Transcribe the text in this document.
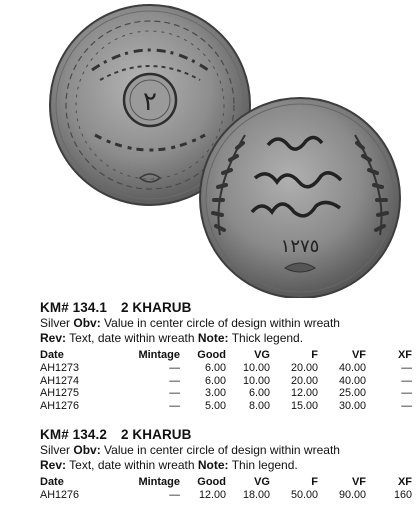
٢
١٢٧٥
KM# 134.1 2 KHARUB
Silver Obv: Value in center circle of design within wreath
Rev: Text, date within wreath Note: Thick legend.
Date	Mintage	Good	VG	F	VF	XF
AH1273	—	6.00	10.00	20.00	40.00	—
AH1274	—	6.00	10.00	20.00	40.00	—
AH1275	—	3.00	6.00	12.00	25.00	—
AH1276	—	5.00	8.00	15.00	30.00	—
KM# 134.2 2 KHARUB
Silver Obv: Value in center circle of design within wreath
Rev: Text, date within wreath Note: Thin legend.
Date	Mintage	Good	VG	F	VF	XF
AH1276	—	12.00	18.00	50.00	90.00	160
